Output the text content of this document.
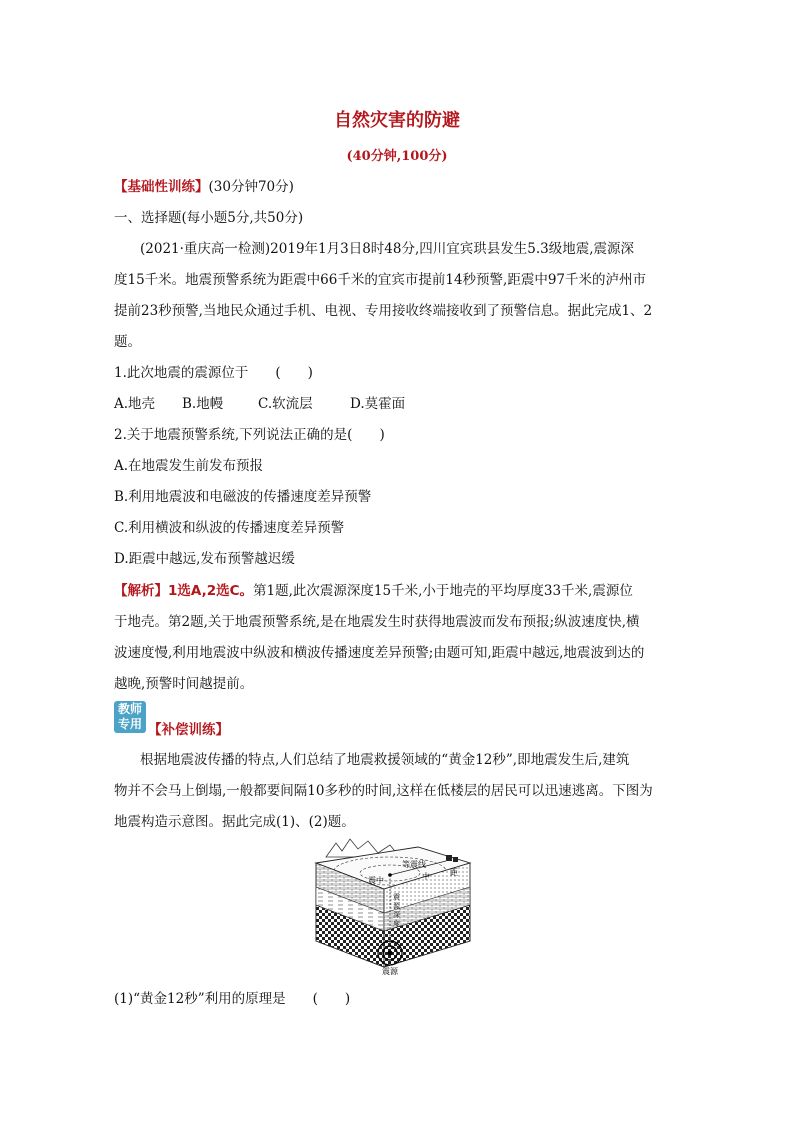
自然灾害的防避
(40分钟,100分)
【基础性训练】(30分钟70分)
一、选择题(每小题5分,共50分)
(2021·重庆高一检测)2019年1月3日8时48分,四川宜宾珙县发生5.3级地震,震源深
度15千米。地震预警系统为距震中66千米的宜宾市提前14秒预警,距震中97千米的泸州市
提前23秒预警,当地民众通过手机、电视、专用接收终端接收到了预警信息。据此完成1、2
题。
1.此次地震的震源位于　　(　　)
A.地壳 B.地幔	C.软流层	D.莫霍面
2.关于地震预警系统,下列说法正确的是(　　)
A.在地震发生前发布预报
B.利用地震波和电磁波的传播速度差异预警
C.利用横波和纵波的传播速度差异预警
D.距震中越远,发布预警越迟缓
【解析】1选A,2选C。第1题,此次震源深度15千米,小于地壳的平均厚度33千米,震源位
于地壳。第2题,关于地震预警系统,是在地震发生时获得地震波而发布预报;纵波速度快,横
波速度慢,利用地震波中纵波和横波传播速度差异预警;由题可知,距震中越远,地震波到达的
越晚,预警时间越提前。
教师
专用 【补偿训练】
根据地震波传播的特点,人们总结了地震救援领域的“黄金12秒”,即地震发生后,建筑
物并不会马上倒塌,一般都要间隔10多秒的时间,这样在低楼层的居民可以迅速逃离。下图为
地震构造示意图。据此完成(1)、(2)题。
等震线
震中	中	距
震
源
深
度
震源
(1)“黄金12秒”利用的原理是　　(　　)
